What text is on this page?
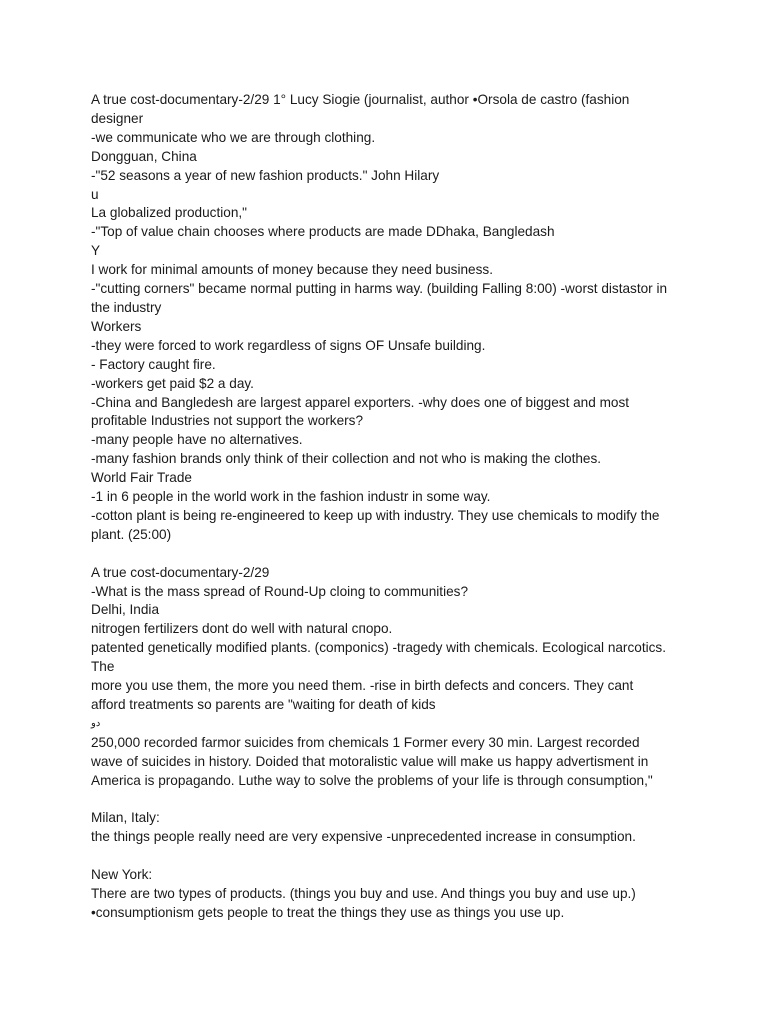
A true cost-documentary-2/29 1° Lucy Siogie (journalist, author •Orsola de castro (fashion
designer
-we communicate who we are through clothing.
Dongguan, China
-"52 seasons a year of new fashion products." John Hilary
u
La globalized production,"
-"Top of value chain chooses where products are made DDhaka, Bangledash
Y
I work for minimal amounts of money because they need business.
-"cutting corners" became normal putting in harms way. (building Falling 8:00) -worst distastor in
the industry
Workers
-they were forced to work regardless of signs OF Unsafe building.
- Factory caught fire.
-workers get paid $2 a day.
-China and Bangledesh are largest apparel exporters. -why does one of biggest and most
profitable Industries not support the workers?
-many people have no alternatives.
-many fashion brands only think of their collection and not who is making the clothes.
World Fair Trade
-1 in 6 people in the world work in the fashion industr in some way.
-cotton plant is being re-engineered to keep up with industry. They use chemicals to modify the
plant. (25:00)
A true cost-documentary-2/29
-What is the mass spread of Round-Up cloing to communities?
Delhi, India
nitrogen fertilizers dont do well with natural споро.
patented genetically modified plants. (componics) -tragedy with chemicals. Ecological narcotics.
The
more you use them, the more you need them. -rise in birth defects and concers. They cant
afford treatments so parents are "waiting for death of kids
دو
250,000 recorded farmor suicides from chemicals 1 Former every 30 min. Largest recorded
wave of suicides in history. Doided that motoralistic value will make us happy advertisment in
America is propagando. Luthe way to solve the problems of your life is through consumption,"
Milan, Italy:
the things people really need are very expensive -unprecedented increase in consumption.
New York:
There are two types of products. (things you buy and use. And things you buy and use up.)
•consumptionism gets people to treat the things they use as things you use up.
